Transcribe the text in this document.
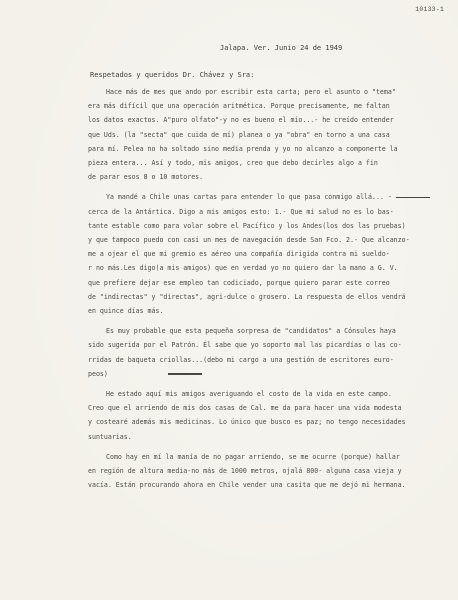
10133-1
Jalapa. Ver. Junio 24 de 1949
Respetados y queridos Dr. Chávez y Sra:
Hace más de mes que ando por escribir esta carta; pero el asunto o "tema"
era más difícil que una operación aritmética. Porque precisamente, me faltan
los datos exactos. A"puro olfato"-y no es bueno el mío...- he creído entender
que Uds. (la "secta" que cuida de mí) planea o ya "obra" en torno a una casa
para mí. Pelea no ha soltado sino media prenda y yo no alcanzo a componerte la
pieza entera... Así y todo, mis amigos, creo que debo decirles algo a fin
de parar esos 8 o 10 motores.
Ya mandé a Chile unas cartas para entender lo que pasa conmigo allá... -
cerca de la Antártica. Digo a mis amigos esto: 1.- Que mi salud no es lo bas-
tante estable como para volar sobre el Pacífico y los Andes(los dos las pruebas)
y que tampoco puedo con casi un mes de navegación desde San Fco. 2.- Que alcanzo-
me a ojear el que mi gremio es aéreo una compañía dirigida contra mi sueldo-
r no más.Les digo(a mis amigos) que en verdad yo no quiero dar la mano a G. V.
que prefiere dejar ese empleo tan codiciado, porque quiero parar este correo
de "indirectas" y "directas", agri-dulce o grosero. La respuesta de ellos vendrá
en quince días más.
Es muy probable que esta pequeña sorpresa de "candidatos" a Cónsules haya
sido sugerida por el Patrón. Él sabe que yo soporto mal las picardías o las co-
rridas de baqueta criollas...(debo mi cargo a una gestión de escritores euro-
peos)
He estado aquí mis amigos averiguando el costo de la vida en este campo.
Creo que el arriendo de mis dos casas de Cal. me da para hacer una vida modesta
y costearé además mis medicinas. Lo único que busco es paz; no tengo necesidades
suntuarias.
Como hay en mí la manía de no pagar arriendo, se me ocurre (porque) hallar
en región de altura media-no más de 1000 metros, ojalá 800- alguna casa vieja y
vacía. Están procurando ahora en Chile vender una casita que me dejó mi hermana.
